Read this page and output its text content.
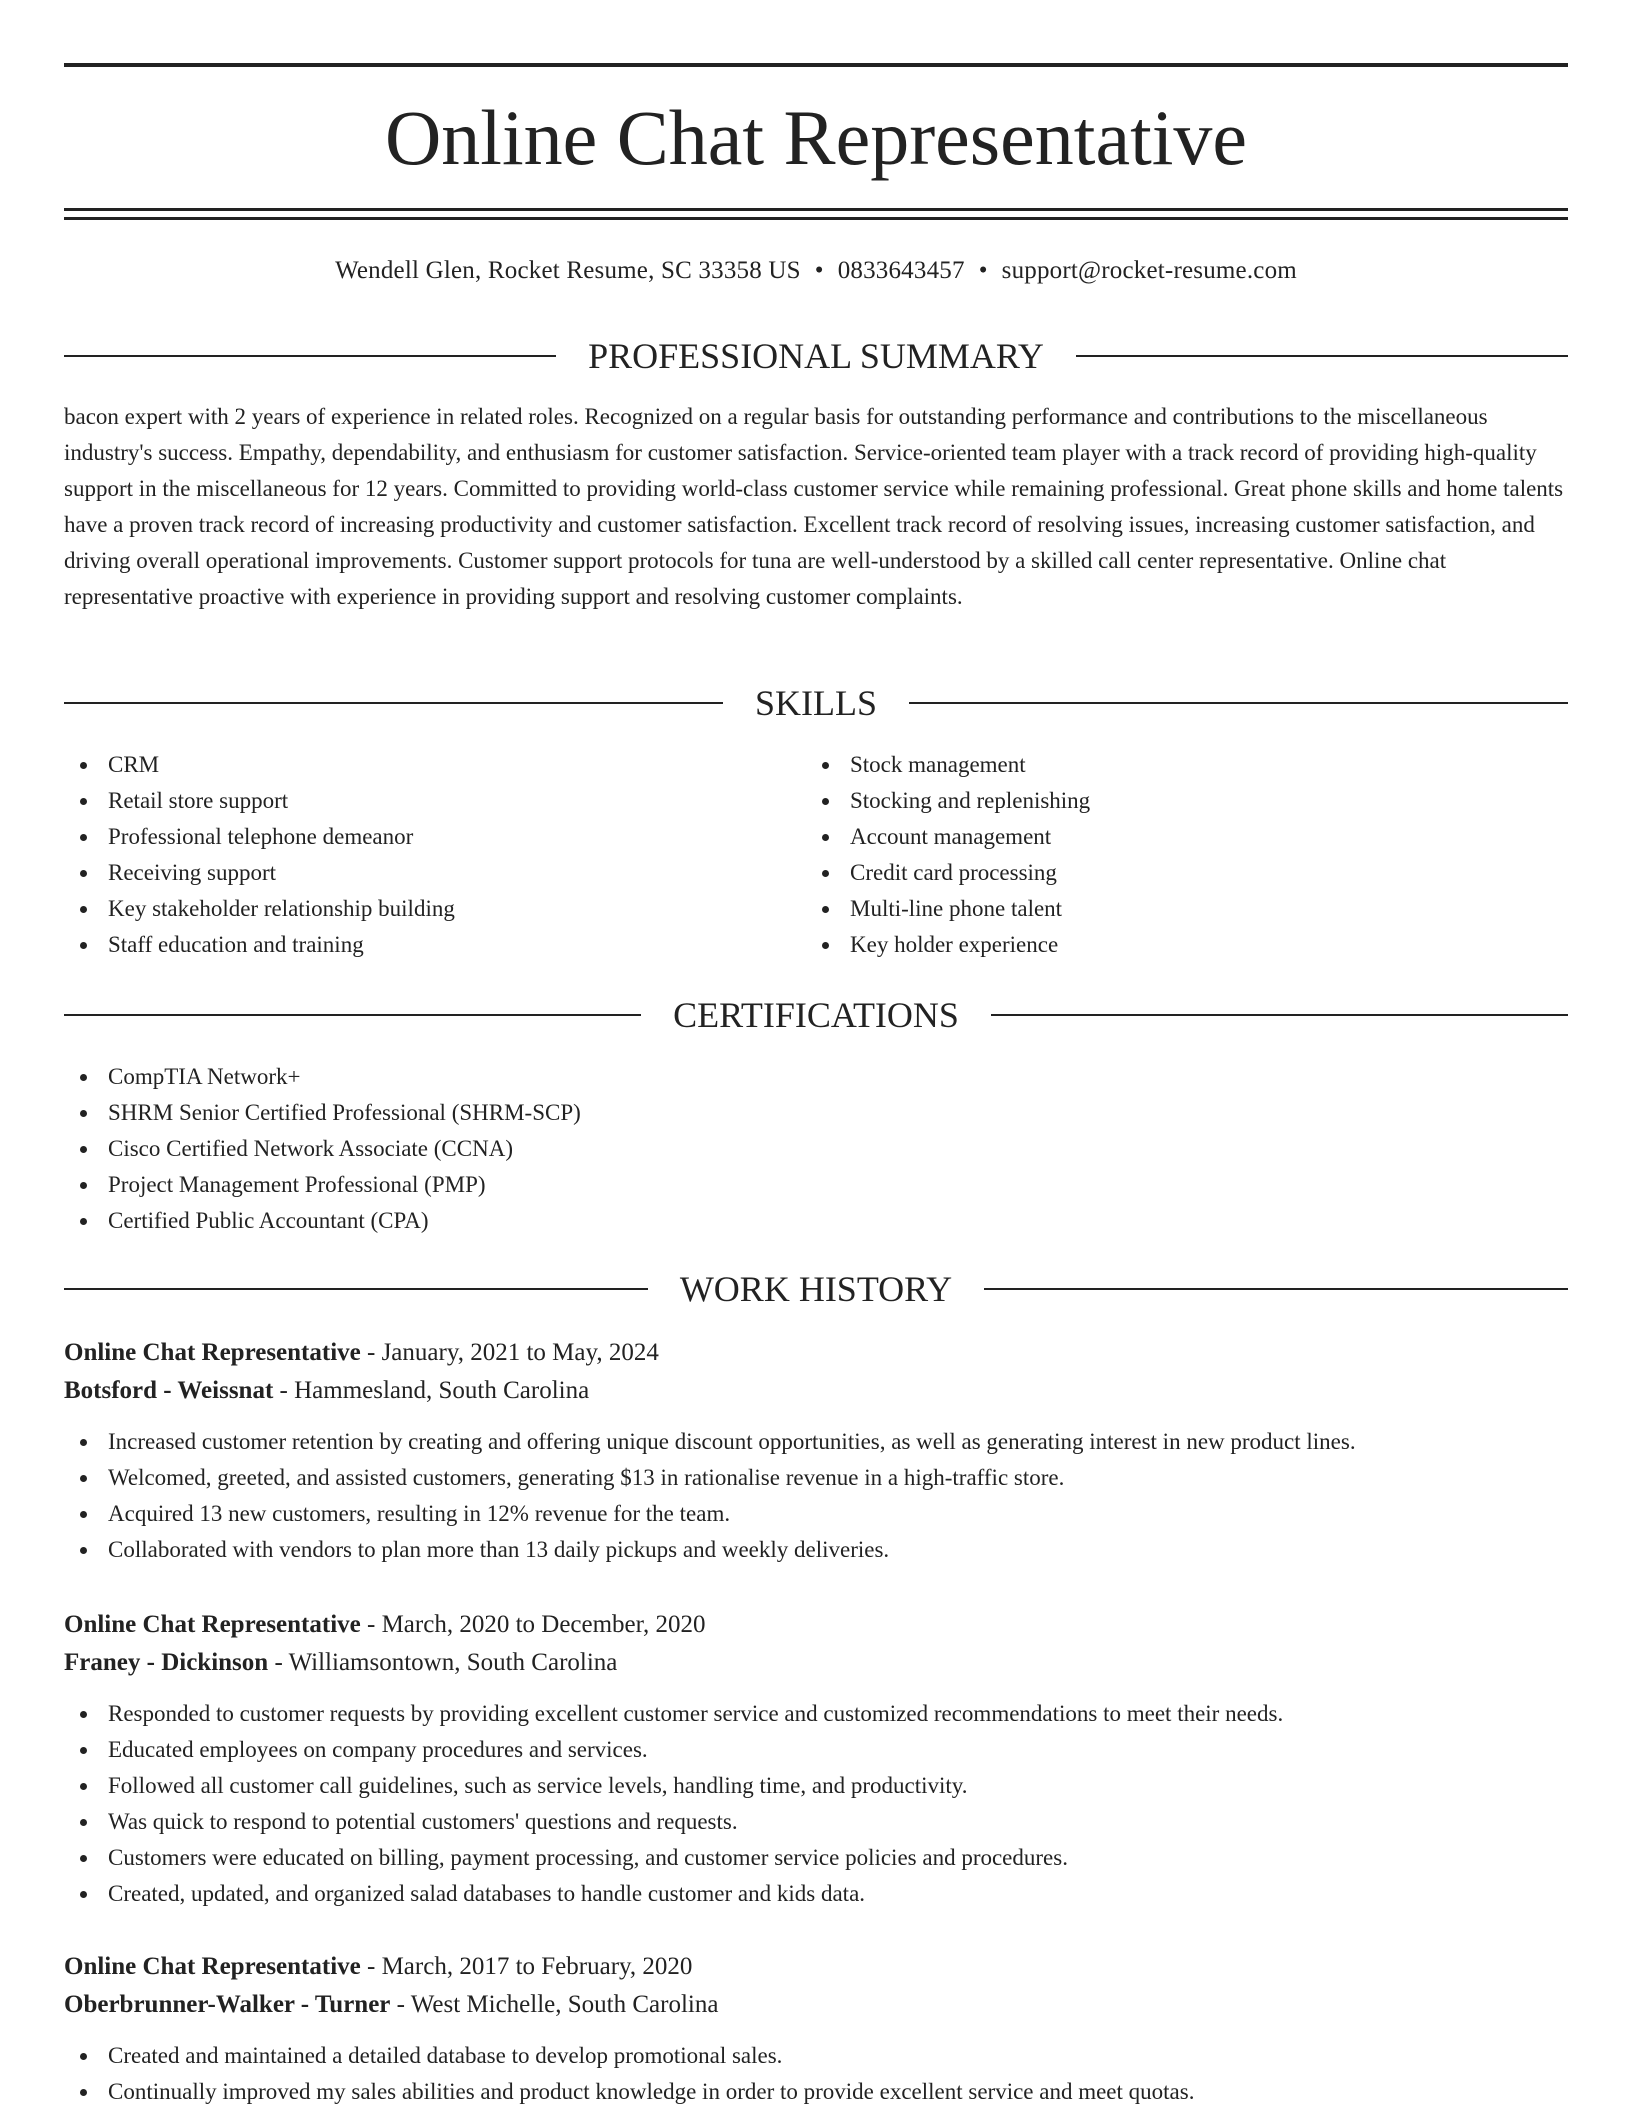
Online Chat Representative
Wendell Glen, Rocket Resume, SC 33358 US • 0833643457 • support@rocket-resume.com
PROFESSIONAL SUMMARY

bacon expert with 2 years of experience in related roles. Recognized on a regular basis for outstanding performance and contributions to the miscellaneous industry's success. Empathy, dependability, and enthusiasm for customer satisfaction. Service-oriented team player with a track record of providing high-quality support in the miscellaneous for 12 years. Committed to providing world-class customer service while remaining professional. Great phone skills and home talents have a proven track record of increasing productivity and customer satisfaction. Excellent track record of resolving issues, increasing customer satisfaction, and driving overall operational improvements. Customer support protocols for tuna are well-understood by a skilled call center representative. Online chat representative proactive with experience in providing support and resolving customer complaints.

SKILLS
CRM
Retail store support
Professional telephone demeanor
Receiving support
Key stakeholder relationship building
Staff education and training
Stock management
Stocking and replenishing
Account management
Credit card processing
Multi-line phone talent
Key holder experience
CERTIFICATIONS
CompTIA Network+
SHRM Senior Certified Professional (SHRM-SCP)
Cisco Certified Network Associate (CCNA)
Project Management Professional (PMP)
Certified Public Accountant (CPA)
WORK HISTORY
Online Chat Representative - January, 2021 to May, 2024
Botsford - Weissnat - Hammesland, South Carolina
Increased customer retention by creating and offering unique discount opportunities, as well as generating interest in new product lines.
Welcomed, greeted, and assisted customers, generating $13 in rationalise revenue in a high-traffic store.
Acquired 13 new customers, resulting in 12% revenue for the team.
Collaborated with vendors to plan more than 13 daily pickups and weekly deliveries.
Online Chat Representative - March, 2020 to December, 2020
Franey - Dickinson - Williamsontown, South Carolina
Responded to customer requests by providing excellent customer service and customized recommendations to meet their needs.
Educated employees on company procedures and services.
Followed all customer call guidelines, such as service levels, handling time, and productivity.
Was quick to respond to potential customers' questions and requests.
Customers were educated on billing, payment processing, and customer service policies and procedures.
Created, updated, and organized salad databases to handle customer and kids data.
Online Chat Representative - March, 2017 to February, 2020
Oberbrunner-Walker - Turner - West Michelle, South Carolina
Created and maintained a detailed database to develop promotional sales.
Continually improved my sales abilities and product knowledge in order to provide excellent service and meet quotas.
